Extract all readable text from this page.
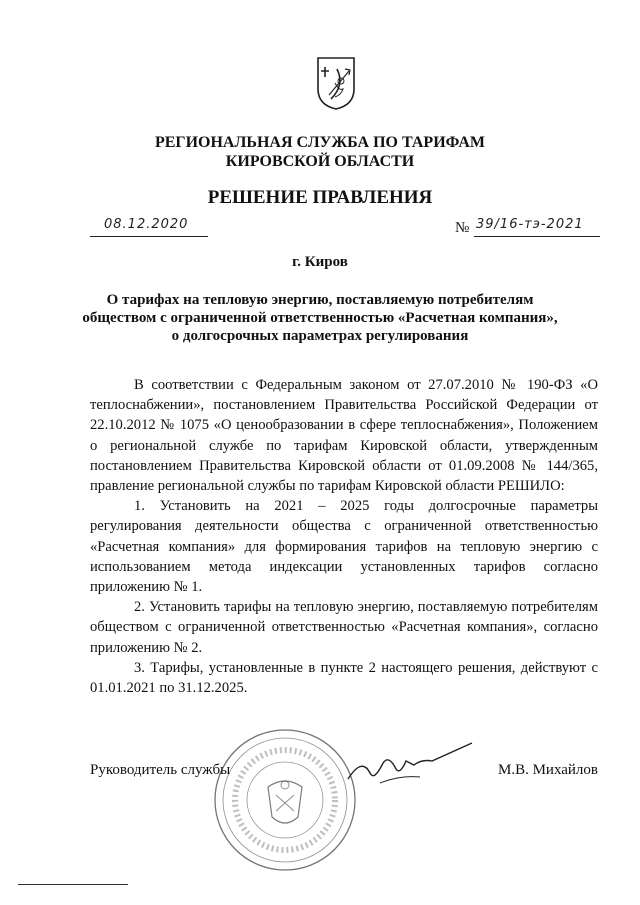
РЕГИОНАЛЬНАЯ СЛУЖБА ПО ТАРИФАМ
КИРОВСКОЙ ОБЛАСТИ
РЕШЕНИЕ ПРАВЛЕНИЯ
08.12.2020	№ 39/16-тэ-2021
г. Киров
О тарифах на тепловую энергию, поставляемую потребителям обществом с ограниченной ответственностью «Расчетная компания», о долгосрочных параметрах регулирования

В соответствии с Федеральным законом от 27.07.2010 № 190-ФЗ «О теплоснабжении», постановлением Правительства Российской Федерации от 22.10.2012 № 1075 «О ценообразовании в сфере теплоснабжения», Положением о региональной службе по тарифам Кировской области, утвержденным постановлением Правительства Кировской области от 01.09.2008 № 144/365, правление региональной службы по тарифам Кировской области РЕШИЛО:

1. Установить на 2021 – 2025 годы долгосрочные параметры регулирования деятельности общества с ограниченной ответственностью «Расчетная компания» для формирования тарифов на тепловую энергию с использованием метода индексации установленных тарифов согласно приложению № 1.

2. Установить тарифы на тепловую энергию, поставляемую потребителям обществом с ограниченной ответственностью «Расчетная компания», согласно приложению № 2.

3. Тарифы, установленные в пункте 2 настоящего решения, действуют с 01.01.2021 по 31.12.2025.

Руководитель службы	М.В. Михайлов
